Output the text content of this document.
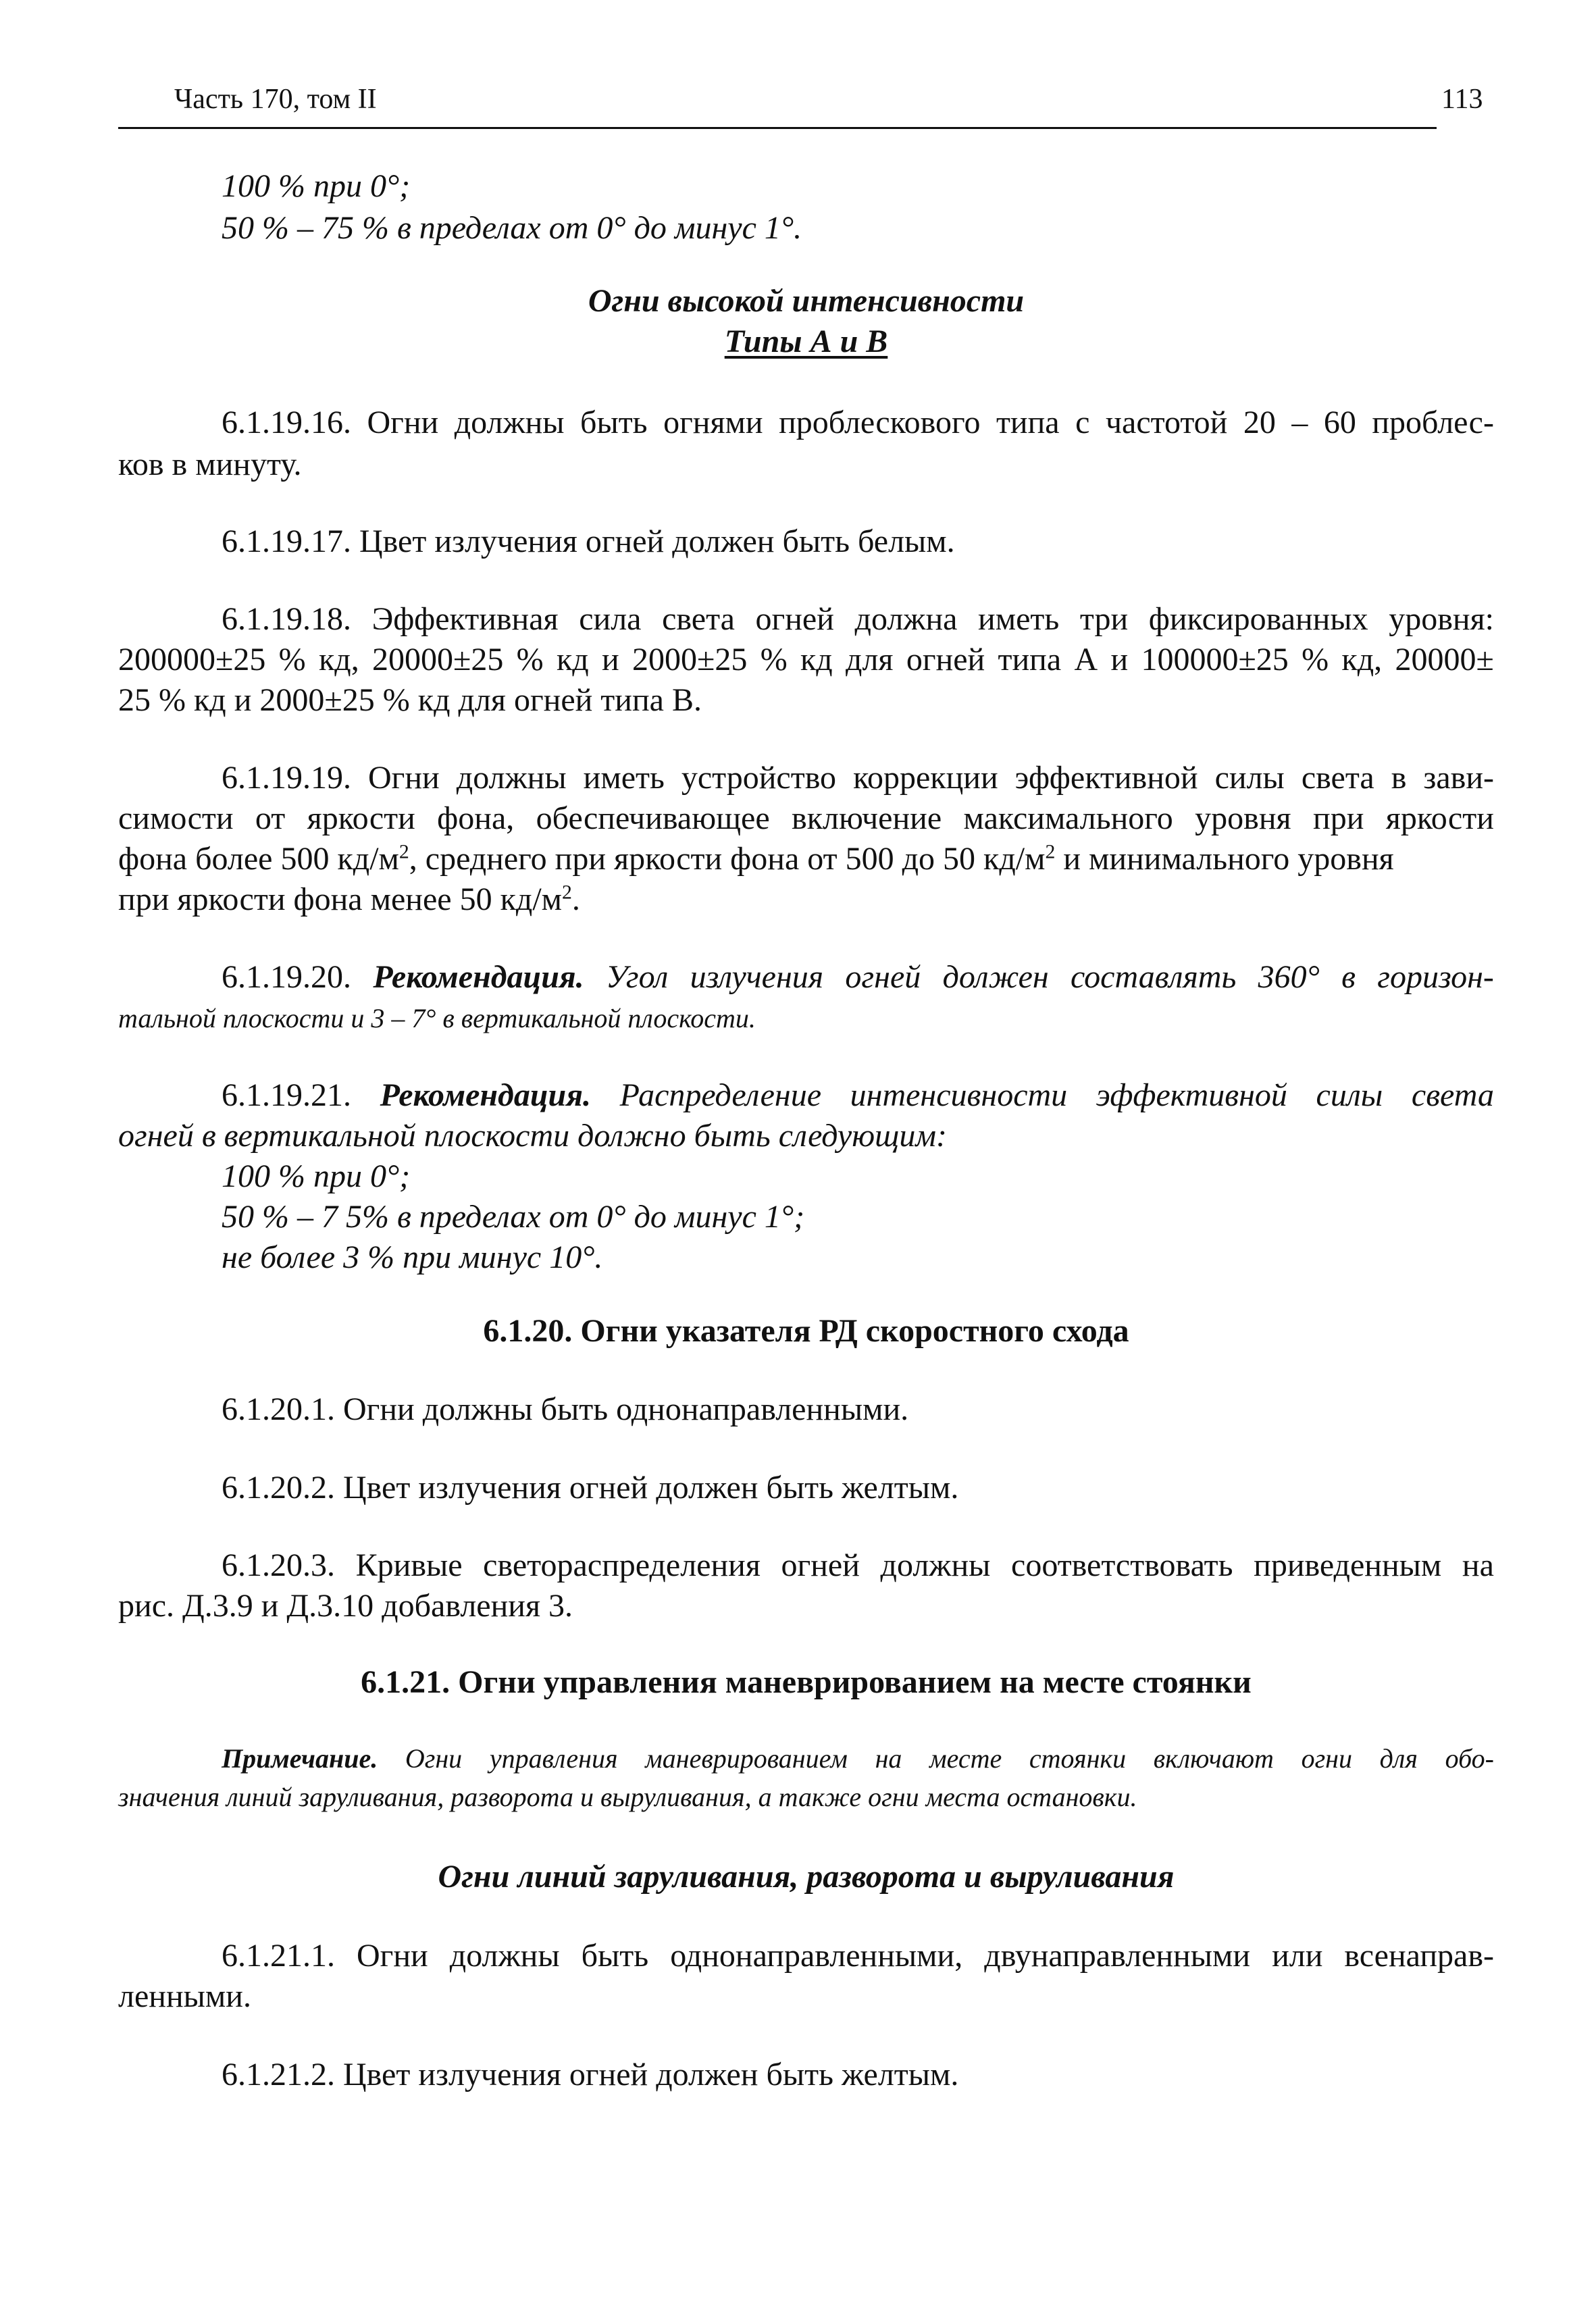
Часть 170, том II	113
100 % при 0°;
50 % – 75 % в пределах от 0° до минус 1°.
Огни высокой интенсивности
Типы А и В
6.1.19.16. Огни должны быть огнями проблескового типа с частотой 20 – 60 проблес-
ков в минуту.
6.1.19.17. Цвет излучения огней должен быть белым.
6.1.19.18. Эффективная сила света огней должна иметь три фиксированных уровня:
200000±25 % кд, 20000±25 % кд и 2000±25 % кд для огней типа А и 100000±25 % кд, 20000±
25 % кд и 2000±25 % кд для огней типа В.
6.1.19.19. Огни должны иметь устройство коррекции эффективной силы света в зави-
симости от яркости фона, обеспечивающее включение максимального уровня при яркости
фона более 500 $кд/м^2$, среднего при яркости фона от 500 до 50 $кд/м^2$ и минимального уровня
при яркости фона менее 50 $кд/м^2$.
6.1.19.20. Рекомендация. Угол излучения огней должен составлять 360° в горизон-
тальной плоскости и 3 – 7° в вертикальной плоскости.
6.1.19.21. Рекомендация. Распределение интенсивности эффективной силы света
огней в вертикальной плоскости должно быть следующим:
100 % при 0°;
50 % – 7 5% в пределах от 0° до минус 1°;
не более 3 % при минус 10°.
6.1.20. Огни указателя РД скоростного схода
6.1.20.1. Огни должны быть однонаправленными.
6.1.20.2. Цвет излучения огней должен быть желтым.
6.1.20.3. Кривые светораспределения огней должны соответствовать приведенным на
рис. Д.3.9 и Д.3.10 добавления 3.
6.1.21. Огни управления маневрированием на месте стоянки
Примечание. Огни управления маневрированием на месте стоянки включают огни для обо-
значения линий заруливания, разворота и выруливания, а также огни места остановки.
Огни линий заруливания, разворота и выруливания
6.1.21.1. Огни должны быть однонаправленными, двунаправленными или всенаправ-
ленными.
6.1.21.2. Цвет излучения огней должен быть желтым.
